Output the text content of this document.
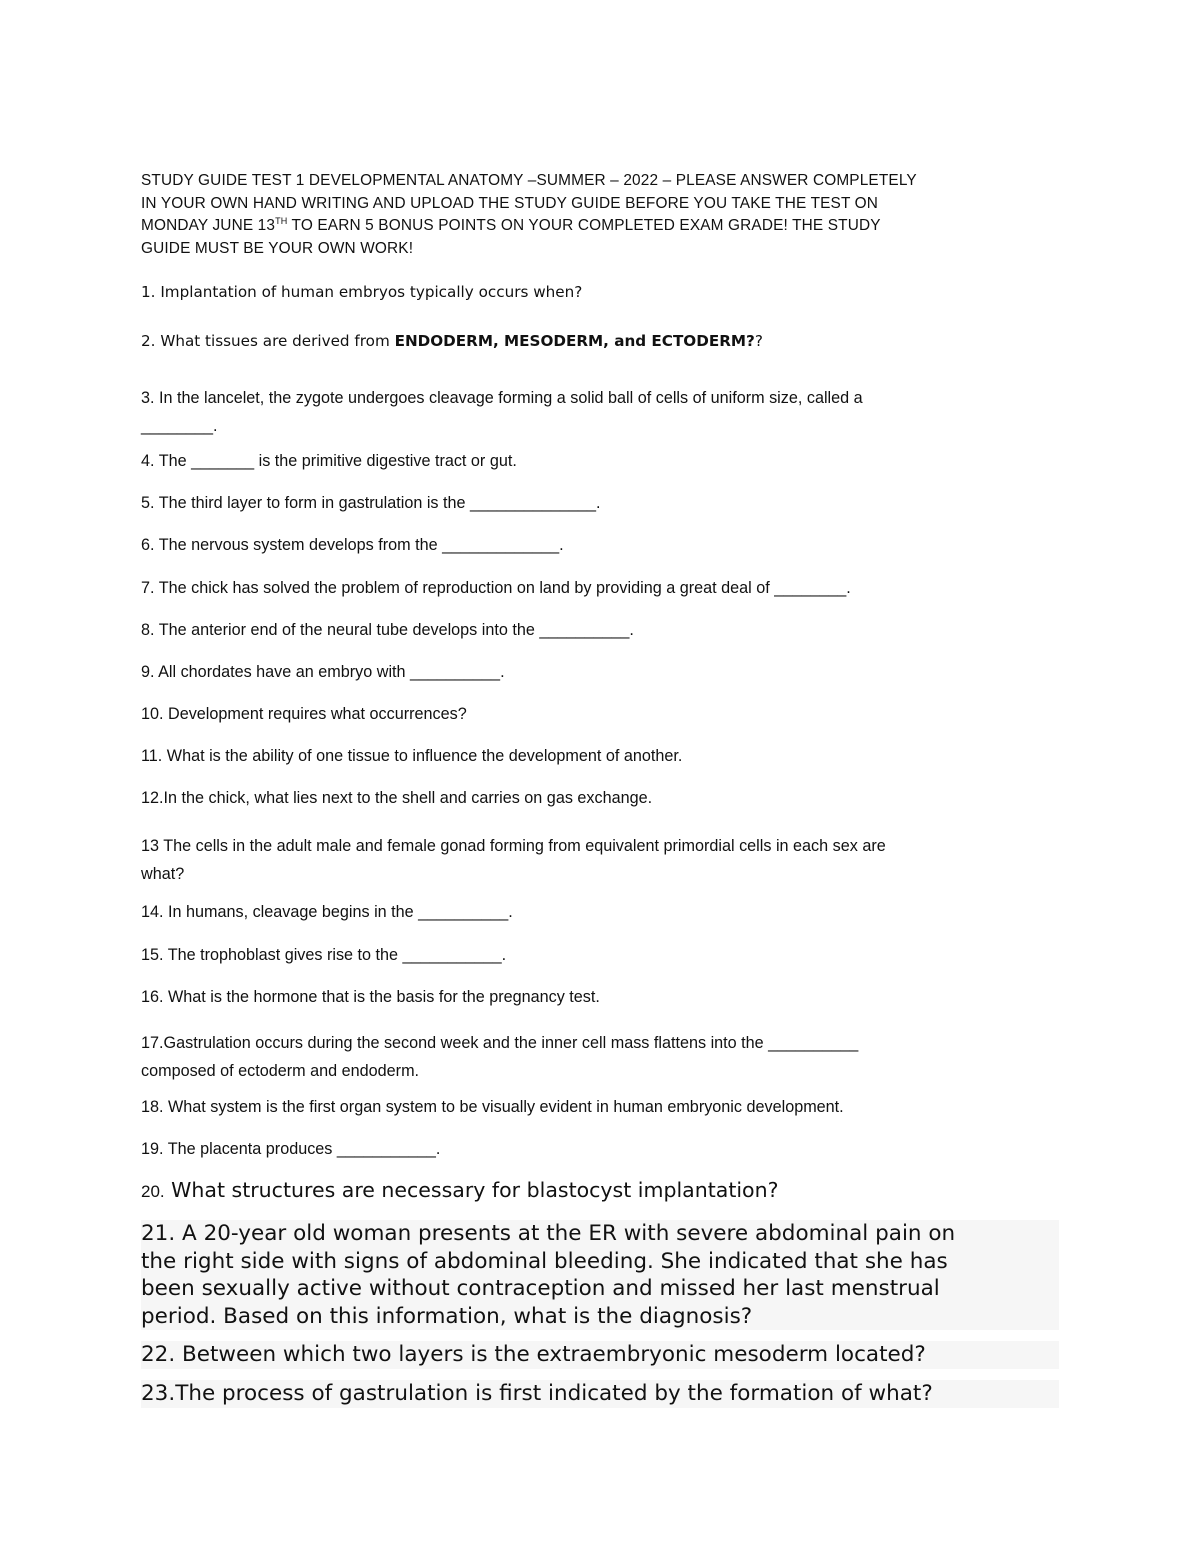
STUDY GUIDE TEST 1 DEVELOPMENTAL ANATOMY –SUMMER – 2022 – PLEASE ANSWER COMPLETELY
IN YOUR OWN HAND WRITING AND UPLOAD THE STUDY GUIDE BEFORE YOU TAKE THE TEST ON
MONDAY JUNE 13TH TO EARN 5 BONUS POINTS ON YOUR COMPLETED EXAM GRADE! THE STUDY
GUIDE MUST BE YOUR OWN WORK!
1. Implantation of human embryos typically occurs when?
2. What tissues are derived from ENDODERM, MESODERM, and ECTODERM??
3. In the lancelet, the zygote undergoes cleavage forming a solid ball of cells of uniform size, called a
________.
4. The _______ is the primitive digestive tract or gut.
5. The third layer to form in gastrulation is the ______________.
6. The nervous system develops from the _____________.
7. The chick has solved the problem of reproduction on land by providing a great deal of ________.
8. The anterior end of the neural tube develops into the __________.
9. All chordates have an embryo with __________.
10. Development requires what occurrences?
11. What is the ability of one tissue to influence the development of another.
12.In the chick, what lies next to the shell and carries on gas exchange.
13 The cells in the adult male and female gonad forming from equivalent primordial cells in each sex are
what?
14. In humans, cleavage begins in the __________.
15. The trophoblast gives rise to the ___________.
16. What is the hormone that is the basis for the pregnancy test.
17.Gastrulation occurs during the second week and the inner cell mass flattens into the __________
composed of ectoderm and endoderm.
18. What system is the first organ system to be visually evident in human embryonic development.
19. The placenta produces ___________.
20. What structures are necessary for blastocyst implantation?
21. A 20-year old woman presents at the ER with severe abdominal pain on
the right side with signs of abdominal bleeding. She indicated that she has
been sexually active without contraception and missed her last menstrual
period. Based on this information, what is the diagnosis?
22. Between which two layers is the extraembryonic mesoderm located?
23.The process of gastrulation is first indicated by the formation of what?
